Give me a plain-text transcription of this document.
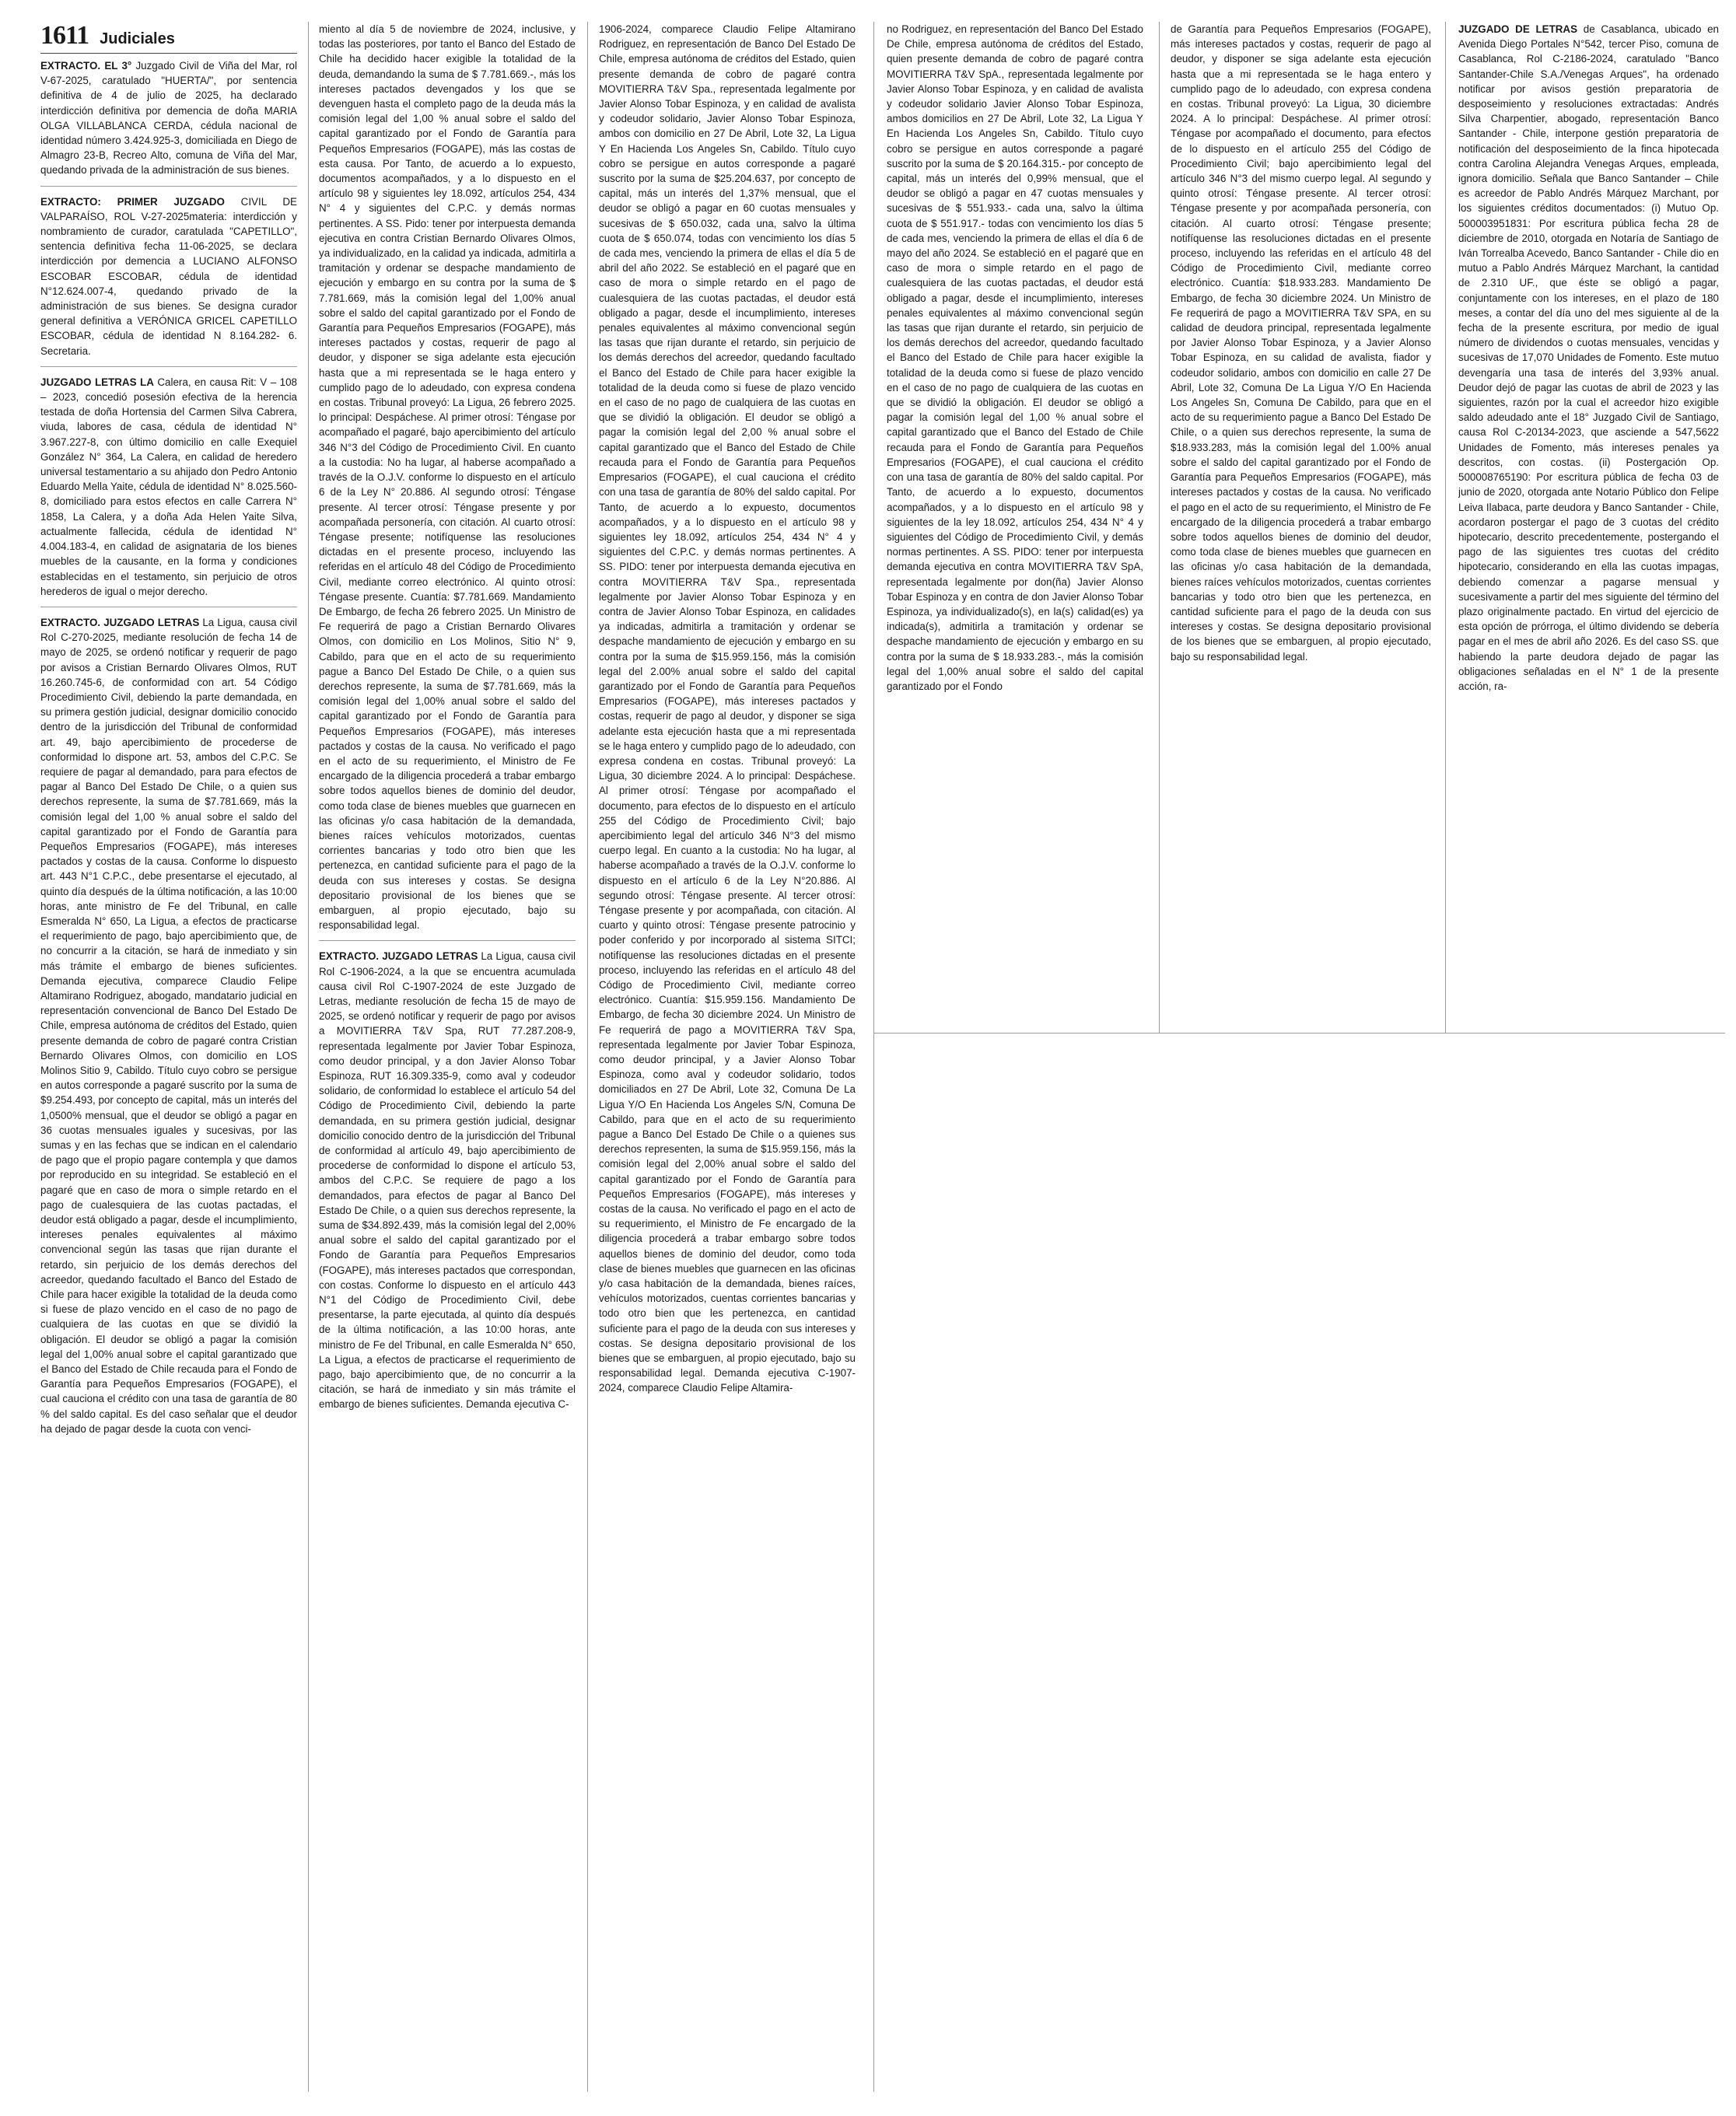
1611 Judiciales

EXTRACTO. EL 3° Juzgado Civil de Viña del Mar, rol V-67-2025, caratulado "HUERTA/", por sentencia definitiva de 4 de julio de 2025, ha declarado interdicción definitiva por demencia de doña MARIA OLGA VILLABLANCA CERDA, cédula nacional de identidad número 3.424.925-3, domiciliada en Diego de Almagro 23-B, Recreo Alto, comuna de Viña del Mar, quedando privada de la administración de sus bienes.

EXTRACTO: PRIMER JUZGADO CIVIL DE VALPARAÍSO, ROL V-27-2025materia: interdicción y nombramiento de curador, caratulada "CAPETILLO", sentencia definitiva fecha 11-06-2025, se declara interdicción por demencia a LUCIANO ALFONSO ESCOBAR ESCOBAR, cédula de identidad N°12.624.007-4, quedando privado de la administración de sus bienes. Se designa curador general definitiva a VERÓNICA GRICEL CAPETILLO ESCOBAR, cédula de identidad N 8.164.282- 6. Secretaria.

JUZGADO LETRAS LA Calera, en causa Rit: V – 108 – 2023, concedió posesión efectiva de la herencia testada de doña Hortensia del Carmen Silva Cabrera, viuda, labores de casa, cédula de identidad N° 3.967.227-8, con último domicilio en calle Exequiel González N° 364, La Calera, en calidad de heredero universal testamentario a su ahijado don Pedro Antonio Eduardo Mella Yaite, cédula de identidad N° 8.025.560-8, domiciliado para estos efectos en calle Carrera N° 1858, La Calera, y a doña Ada Helen Yaite Silva, actualmente fallecida, cédula de identidad N° 4.004.183-4, en calidad de asignataria de los bienes muebles de la causante, en la forma y condiciones establecidas en el testamento, sin perjuicio de otros herederos de igual o mejor derecho.

EXTRACTO. JUZGADO LETRAS La Ligua, causa civil Rol C-270-2025, mediante resolución de fecha 14 de mayo de 2025, se ordenó notificar y requerir de pago por avisos a Cristian Bernardo Olivares Olmos, RUT 16.260.745-6, de conformidad con art. 54 Código Procedimiento Civil, debiendo la parte demandada, en su primera gestión judicial, designar domicilio conocido dentro de la jurisdicción del Tribunal de conformidad art. 49, bajo apercibimiento de procederse de conformidad lo dispone art. 53, ambos del C.P.C. Se requiere de pagar al demandado, para para efectos de pagar al Banco Del Estado De Chile, o a quien sus derechos represente, la suma de $7.781.669, más la comisión legal del 1,00 % anual sobre el saldo del capital garantizado por el Fondo de Garantía para Pequeños Empresarios (FOGAPE), más intereses pactados y costas de la causa. Conforme lo dispuesto art. 443 N°1 C.P.C., debe presentarse el ejecutado, al quinto día después de la última notificación, a las 10:00 horas, ante ministro de Fe del Tribunal, en calle Esmeralda N° 650, La Ligua, a efectos de practicarse el requerimiento de pago, bajo apercibimiento que, de no concurrir a la citación, se hará de inmediato y sin más trámite el embargo de bienes suficientes. Demanda ejecutiva, comparece Claudio Felipe Altamirano Rodriguez, abogado, mandatario judicial en representación convencional de Banco Del Estado De Chile, empresa autónoma de créditos del Estado, quien presente demanda de cobro de pagaré contra Cristian Bernardo Olivares Olmos, con domicilio en LOS Molinos Sitio 9, Cabildo. Título cuyo cobro se persigue en autos corresponde a pagaré suscrito por la suma de $9.254.493, por concepto de capital, más un interés del 1,0500% mensual, que el deudor se obligó a pagar en 36 cuotas mensuales iguales y sucesivas, por las sumas y en las fechas que se indican en el calendario de pago que el propio pagare contempla y que damos por reproducido en su integridad. Se estableció en el pagaré que en caso de mora o simple retardo en el pago de cualesquiera de las cuotas pactadas, el deudor está obligado a pagar, desde el incumplimiento, intereses penales equivalentes al máximo convencional según las tasas que rijan durante el retardo, sin perjuicio de los demás derechos del acreedor, quedando facultado el Banco del Estado de Chile para hacer exigible la totalidad de la deuda como si fuese de plazo vencido en el caso de no pago de cualquiera de las cuotas en que se dividió la obligación. El deudor se obligó a pagar la comisión legal del 1,00% anual sobre el capital garantizado que el Banco del Estado de Chile recauda para el Fondo de Garantía para Pequeños Empresarios (FOGAPE), el cual cauciona el crédito con una tasa de garantía de 80 % del saldo capital. Es del caso señalar que el deudor ha dejado de pagar desde la cuota con venci-

miento al día 5 de noviembre de 2024, inclusive, y todas las posteriores, por tanto el Banco del Estado de Chile ha decidido hacer exigible la totalidad de la deuda, demandando la suma de $ 7.781.669.-, más los intereses pactados devengados y los que se devenguen hasta el completo pago de la deuda más la comisión legal del 1,00 % anual sobre el saldo del capital garantizado por el Fondo de Garantía para Pequeños Empresarios (FOGAPE), más las costas de esta causa. Por Tanto, de acuerdo a lo expuesto, documentos acompañados, y a lo dispuesto en el artículo 98 y siguientes ley 18.092, artículos 254, 434 N° 4 y siguientes del C.P.C. y demás normas pertinentes. A SS. Pido: tener por interpuesta demanda ejecutiva en contra Cristian Bernardo Olivares Olmos, ya individualizado, en la calidad ya indicada, admitirla a tramitación y ordenar se despache mandamiento de ejecución y embargo en su contra por la suma de $ 7.781.669, más la comisión legal del 1,00% anual sobre el saldo del capital garantizado por el Fondo de Garantía para Pequeños Empresarios (FOGAPE), más intereses pactados y costas, requerir de pago al deudor, y disponer se siga adelante esta ejecución hasta que a mi representada se le haga entero y cumplido pago de lo adeudado, con expresa condena en costas. Tribunal proveyó: La Ligua, 26 febrero 2025. lo principal: Despáchese. Al primer otrosí: Téngase por acompañado el pagaré, bajo apercibimiento del artículo 346 N°3 del Código de Procedimiento Civil. En cuanto a la custodia: No ha lugar, al haberse acompañado a través de la O.J.V. conforme lo dispuesto en el artículo 6 de la Ley N° 20.886. Al segundo otrosí: Téngase presente. Al tercer otrosí: Téngase presente y por acompañada personería, con citación. Al cuarto otrosí: Téngase presente; notifíquense las resoluciones dictadas en el presente proceso, incluyendo las referidas en el artículo 48 del Código de Procedimiento Civil, mediante correo electrónico. Al quinto otrosí: Téngase presente. Cuantía: $7.781.669. Mandamiento De Embargo, de fecha 26 febrero 2025. Un Ministro de Fe requerirá de pago a Cristian Bernardo Olivares Olmos, con domicilio en Los Molinos, Sitio N° 9, Cabildo, para que en el acto de su requerimiento pague a Banco Del Estado De Chile, o a quien sus derechos represente, la suma de $7.781.669, más la comisión legal del 1,00% anual sobre el saldo del capital garantizado por el Fondo de Garantía para Pequeños Empresarios (FOGAPE), más intereses pactados y costas de la causa. No verificado el pago en el acto de su requerimiento, el Ministro de Fe encargado de la diligencia procederá a trabar embargo sobre todos aquellos bienes de dominio del deudor, como toda clase de bienes muebles que guarnecen en las oficinas y/o casa habitación de la demandada, bienes raíces vehículos motorizados, cuentas corrientes bancarias y todo otro bien que les pertenezca, en cantidad suficiente para el pago de la deuda con sus intereses y costas. Se designa depositario provisional de los bienes que se embarguen, al propio ejecutado, bajo su responsabilidad legal.

EXTRACTO. JUZGADO LETRAS La Ligua, causa civil Rol C-1906-2024, a la que se encuentra acumulada causa civil Rol C-1907-2024 de este Juzgado de Letras, mediante resolución de fecha 15 de mayo de 2025, se ordenó notificar y requerir de pago por avisos a MOVITIERRA T&V Spa, RUT 77.287.208-9, representada legalmente por Javier Tobar Espinoza, como deudor principal, y a don Javier Alonso Tobar Espinoza, RUT 16.309.335-9, como aval y codeudor solidario, de conformidad lo establece el artículo 54 del Código de Procedimiento Civil, debiendo la parte demandada, en su primera gestión judicial, designar domicilio conocido dentro de la jurisdicción del Tribunal de conformidad al artículo 49, bajo apercibimiento de procederse de conformidad lo dispone el artículo 53, ambos del C.P.C. Se requiere de pago a los demandados, para efectos de pagar al Banco Del Estado De Chile, o a quien sus derechos represente, la suma de $34.892.439, más la comisión legal del 2,00% anual sobre el saldo del capital garantizado por el Fondo de Garantía para Pequeños Empresarios (FOGAPE), más intereses pactados que correspondan, con costas. Conforme lo dispuesto en el artículo 443 N°1 del Código de Procedimiento Civil, debe presentarse, la parte ejecutada, al quinto día después de la última notificación, a las 10:00 horas, ante ministro de Fe del Tribunal, en calle Esmeralda N° 650, La Ligua, a efectos de practicarse el requerimiento de pago, bajo apercibimiento que, de no concurrir a la citación, se hará de inmediato y sin más trámite el embargo de bienes suficientes. Demanda ejecutiva C-

1906-2024, comparece Claudio Felipe Altamirano Rodriguez, en representación de Banco Del Estado De Chile, empresa autónoma de créditos del Estado, quien presente demanda de cobro de pagaré contra MOVITIERRA T&V Spa., representada legalmente por Javier Alonso Tobar Espinoza, y en calidad de avalista y codeudor solidario, Javier Alonso Tobar Espinoza, ambos con domicilio en 27 De Abril, Lote 32, La Ligua Y En Hacienda Los Angeles Sn, Cabildo. Título cuyo cobro se persigue en autos corresponde a pagaré suscrito por la suma de $25.204.637, por concepto de capital, más un interés del 1,37% mensual, que el deudor se obligó a pagar en 60 cuotas mensuales y sucesivas de $ 650.032, cada una, salvo la última cuota de $ 650.074, todas con vencimiento los días 5 de cada mes, venciendo la primera de ellas el día 5 de abril del año 2022. Se estableció en el pagaré que en caso de mora o simple retardo en el pago de cualesquiera de las cuotas pactadas, el deudor está obligado a pagar, desde el incumplimiento, intereses penales equivalentes al máximo convencional según las tasas que rijan durante el retardo, sin perjuicio de los demás derechos del acreedor, quedando facultado el Banco del Estado de Chile para hacer exigible la totalidad de la deuda como si fuese de plazo vencido en el caso de no pago de cualquiera de las cuotas en que se dividió la obligación. El deudor se obligó a pagar la comisión legal del 2,00 % anual sobre el capital garantizado que el Banco del Estado de Chile recauda para el Fondo de Garantía para Pequeños Empresarios (FOGAPE), el cual cauciona el crédito con una tasa de garantía de 80% del saldo capital. Por Tanto, de acuerdo a lo expuesto, documentos acompañados, y a lo dispuesto en el artículo 98 y siguientes ley 18.092, artículos 254, 434 N° 4 y siguientes del C.P.C. y demás normas pertinentes. A SS. PIDO: tener por interpuesta demanda ejecutiva en contra MOVITIERRA T&V Spa., representada legalmente por Javier Alonso Tobar Espinoza y en contra de Javier Alonso Tobar Espinoza, en calidades ya indicadas, admitirla a tramitación y ordenar se despache mandamiento de ejecución y embargo en su contra por la suma de $15.959.156, más la comisión legal del 2.00% anual sobre el saldo del capital garantizado por el Fondo de Garantía para Pequeños Empresarios (FOGAPE), más intereses pactados y costas, requerir de pago al deudor, y disponer se siga adelante esta ejecución hasta que a mi representada se le haga entero y cumplido pago de lo adeudado, con expresa condena en costas. Tribunal proveyó: La Ligua, 30 diciembre 2024. A lo principal: Despáchese. Al primer otrosí: Téngase por acompañado el documento, para efectos de lo dispuesto en el artículo 255 del Código de Procedimiento Civil; bajo apercibimiento legal del artículo 346 N°3 del mismo cuerpo legal. En cuanto a la custodia: No ha lugar, al haberse acompañado a través de la O.J.V. conforme lo dispuesto en el artículo 6 de la Ley N°20.886. Al segundo otrosí: Téngase presente. Al tercer otrosí: Téngase presente y por acompañada, con citación. Al cuarto y quinto otrosí: Téngase presente patrocinio y poder conferido y por incorporado al sistema SITCI; notifíquense las resoluciones dictadas en el presente proceso, incluyendo las referidas en el artículo 48 del Código de Procedimiento Civil, mediante correo electrónico. Cuantía: $15.959.156. Mandamiento De Embargo, de fecha 30 diciembre 2024. Un Ministro de Fe requerirá de pago a MOVITIERRA T&V Spa, representada legalmente por Javier Tobar Espinoza, como deudor principal, y a Javier Alonso Tobar Espinoza, como aval y codeudor solidario, todos domiciliados en 27 De Abril, Lote 32, Comuna De La Ligua Y/O En Hacienda Los Angeles S/N, Comuna De Cabildo, para que en el acto de su requerimiento pague a Banco Del Estado De Chile o a quienes sus derechos representen, la suma de $15.959.156, más la comisión legal del 2,00% anual sobre el saldo del capital garantizado por el Fondo de Garantía para Pequeños Empresarios (FOGAPE), más intereses y costas de la causa. No verificado el pago en el acto de su requerimiento, el Ministro de Fe encargado de la diligencia procederá a trabar embargo sobre todos aquellos bienes de dominio del deudor, como toda clase de bienes muebles que guarnecen en las oficinas y/o casa habitación de la demandada, bienes raíces, vehículos motorizados, cuentas corrientes bancarias y todo otro bien que les pertenezca, en cantidad suficiente para el pago de la deuda con sus intereses y costas. Se designa depositario provisional de los bienes que se embarguen, al propio ejecutado, bajo su responsabilidad legal. Demanda ejecutiva C-1907-2024, comparece Claudio Felipe Altamira-

no Rodriguez, en representación del Banco Del Estado De Chile, empresa autónoma de créditos del Estado, quien presente demanda de cobro de pagaré contra MOVITIERRA T&V SpA., representada legalmente por Javier Alonso Tobar Espinoza, y en calidad de avalista y codeudor solidario Javier Alonso Tobar Espinoza, ambos domicilios en 27 De Abril, Lote 32, La Ligua Y En Hacienda Los Angeles Sn, Cabildo. Título cuyo cobro se persigue en autos corresponde a pagaré suscrito por la suma de $ 20.164.315.- por concepto de capital, más un interés del 0,99% mensual, que el deudor se obligó a pagar en 47 cuotas mensuales y sucesivas de $ 551.933.- cada una, salvo la última cuota de $ 551.917.- todas con vencimiento los días 5 de cada mes, venciendo la primera de ellas el día 6 de mayo del año 2024. Se estableció en el pagaré que en caso de mora o simple retardo en el pago de cualesquiera de las cuotas pactadas, el deudor está obligado a pagar, desde el incumplimiento, intereses penales equivalentes al máximo convencional según las tasas que rijan durante el retardo, sin perjuicio de los demás derechos del acreedor, quedando facultado el Banco del Estado de Chile para hacer exigible la totalidad de la deuda como si fuese de plazo vencido en el caso de no pago de cualquiera de las cuotas en que se dividió la obligación. El deudor se obligó a pagar la comisión legal del 1,00 % anual sobre el capital garantizado que el Banco del Estado de Chile recauda para el Fondo de Garantía para Pequeños Empresarios (FOGAPE), el cual cauciona el crédito con una tasa de garantía de 80% del saldo capital. Por Tanto, de acuerdo a lo expuesto, documentos acompañados, y a lo dispuesto en el artículo 98 y siguientes de la ley 18.092, artículos 254, 434 N° 4 y siguientes del Código de Procedimiento Civil, y demás normas pertinentes. A SS. PIDO: tener por interpuesta demanda ejecutiva en contra MOVITIERRA T&V SpA, representada legalmente por don(ña) Javier Alonso Tobar Espinoza y en contra de don Javier Alonso Tobar Espinoza, ya individualizado(s), en la(s) calidad(es) ya indicada(s), admitirla a tramitación y ordenar se despache mandamiento de ejecución y embargo en su contra por la suma de $ 18.933.283.-, más la comisión legal del 1,00% anual sobre el saldo del capital garantizado por el Fondo

de Garantía para Pequeños Empresarios (FOGAPE), más intereses pactados y costas, requerir de pago al deudor, y disponer se siga adelante esta ejecución hasta que a mi representada se le haga entero y cumplido pago de lo adeudado, con expresa condena en costas. Tribunal proveyó: La Ligua, 30 diciembre 2024. A lo principal: Despáchese. Al primer otrosí: Téngase por acompañado el documento, para efectos de lo dispuesto en el artículo 255 del Código de Procedimiento Civil; bajo apercibimiento legal del artículo 346 N°3 del mismo cuerpo legal. Al segundo y quinto otrosí: Téngase presente. Al tercer otrosí: Téngase presente y por acompañada personería, con citación. Al cuarto otrosí: Téngase presente; notifíquense las resoluciones dictadas en el presente proceso, incluyendo las referidas en el artículo 48 del Código de Procedimiento Civil, mediante correo electrónico. Cuantía: $18.933.283. Mandamiento De Embargo, de fecha 30 diciembre 2024. Un Ministro de Fe requerirá de pago a MOVITIERRA T&V SPA, en su calidad de deudora principal, representada legalmente por Javier Alonso Tobar Espinoza, y a Javier Alonso Tobar Espinoza, en su calidad de avalista, fiador y codeudor solidario, ambos con domicilio en calle 27 De Abril, Lote 32, Comuna De La Ligua Y/O En Hacienda Los Angeles Sn, Comuna De Cabildo, para que en el acto de su requerimiento pague a Banco Del Estado De Chile, o a quien sus derechos represente, la suma de $18.933.283, más la comisión legal del 1.00% anual sobre el saldo del capital garantizado por el Fondo de Garantía para Pequeños Empresarios (FOGAPE), más intereses pactados y costas de la causa. No verificado el pago en el acto de su requerimiento, el Ministro de Fe encargado de la diligencia procederá a trabar embargo sobre todos aquellos bienes de dominio del deudor, como toda clase de bienes muebles que guarnecen en las oficinas y/o casa habitación de la demandada, bienes raíces vehículos motorizados, cuentas corrientes bancarias y todo otro bien que les pertenezca, en cantidad suficiente para el pago de la deuda con sus intereses y costas. Se designa depositario provisional de los bienes que se embarguen, al propio ejecutado, bajo su responsabilidad legal.

JUZGADO DE LETRAS de Casablanca, ubicado en Avenida Diego Portales N°542, tercer Piso, comuna de Casablanca, Rol C-2186-2024, caratulado "Banco Santander-Chile S.A./Venegas Arques", ha ordenado notificar por avisos gestión preparatoria de desposeimiento y resoluciones extractadas: Andrés Silva Charpentier, abogado, representación Banco Santander - Chile, interpone gestión preparatoria de notificación del desposeimiento de la finca hipotecada contra Carolina Alejandra Venegas Arques, empleada, ignora domicilio. Señala que Banco Santander – Chile es acreedor de Pablo Andrés Márquez Marchant, por los siguientes créditos documentados: (i) Mutuo Op. 500003951831: Por escritura pública fecha 28 de diciembre de 2010, otorgada en Notaría de Santiago de Iván Torrealba Acevedo, Banco Santander - Chile dio en mutuo a Pablo Andrés Márquez Marchant, la cantidad de 2.310 UF., que éste se obligó a pagar, conjuntamente con los intereses, en el plazo de 180 meses, a contar del día uno del mes siguiente al de la fecha de la presente escritura, por medio de igual número de dividendos o cuotas mensuales, vencidas y sucesivas de 17,070 Unidades de Fomento. Este mutuo devengaría una tasa de interés del 3,93% anual. Deudor dejó de pagar las cuotas de abril de 2023 y las siguientes, razón por la cual el acreedor hizo exigible saldo adeudado ante el 18° Juzgado Civil de Santiago, causa Rol C-20134-2023, que asciende a 547,5622 Unidades de Fomento, más intereses penales ya descritos, con costas. (ii) Postergación Op. 500008765190: Por escritura pública de fecha 03 de junio de 2020, otorgada ante Notario Público don Felipe Leiva Ilabaca, parte deudora y Banco Santander - Chile, acordaron postergar el pago de 3 cuotas del crédito hipotecario, descrito precedentemente, postergando el pago de las siguientes tres cuotas del crédito hipotecario, considerando en ella las cuotas impagas, debiendo comenzar a pagarse mensual y sucesivamente a partir del mes siguiente del término del plazo originalmente pactado. En virtud del ejercicio de esta opción de prórroga, el último dividendo se debería pagar en el mes de abril año 2026. Es del caso SS. que habiendo la parte deudora dejado de pagar las obligaciones señaladas en el N° 1 de la presente acción, ra-
